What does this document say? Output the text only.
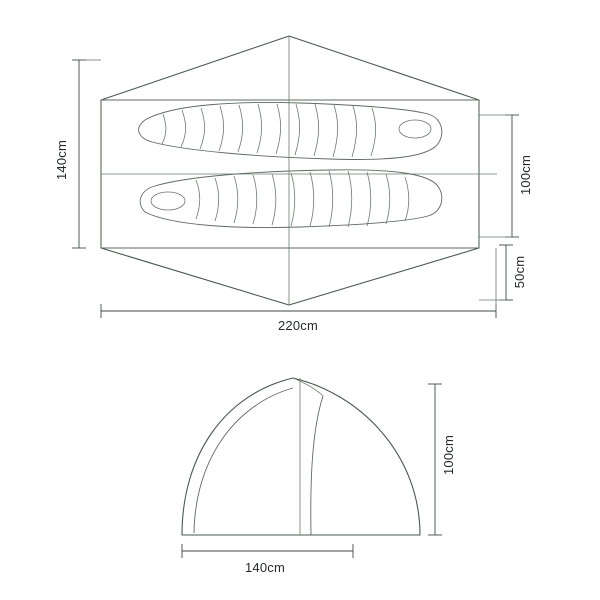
140cm	100cm
50cm
220cm
100cm
140cm
